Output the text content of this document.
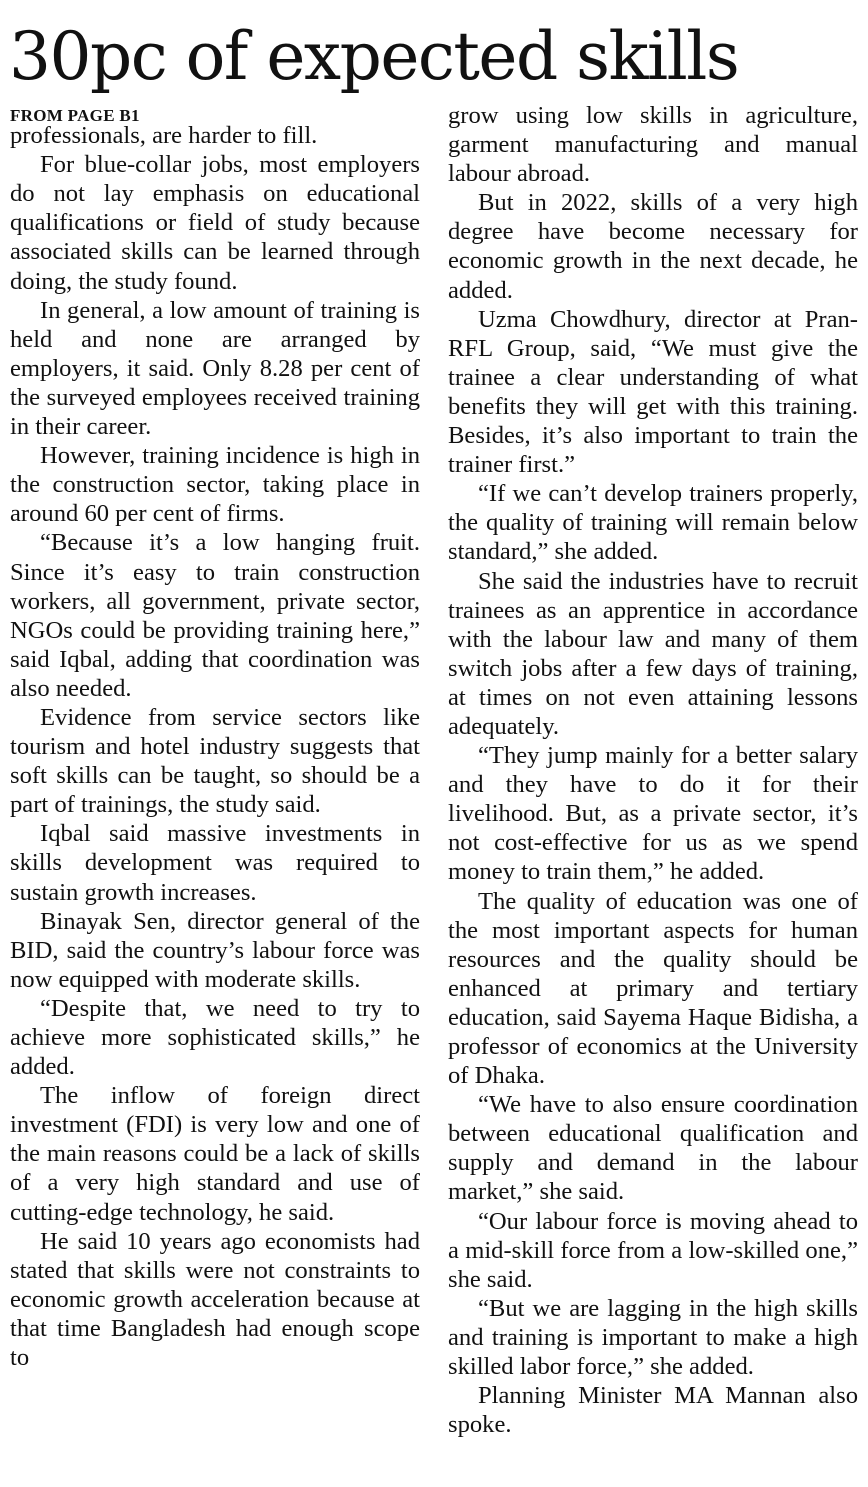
30pc of expected skills
FROM PAGE B1

professionals, are harder to fill.

For blue-collar jobs, most employers do not lay emphasis on educational qualifications or field of study because associated skills can be learned through doing, the study found.

In general, a low amount of training is held and none are arranged by employers, it said. Only 8.28 per cent of the surveyed employees received training in their career.

However, training incidence is high in the construction sector, taking place in around 60 per cent of firms.

“Because it’s a low hanging fruit. Since it’s easy to train construction workers, all government, private sector, NGOs could be providing training here,” said Iqbal, adding that coordination was also needed.

Evidence from service sectors like tourism and hotel industry suggests that soft skills can be taught, so should be a part of trainings, the study said.

Iqbal said massive investments in skills development was required to sustain growth increases.

Binayak Sen, director general of the BID, said the country’s labour force was now equipped with moderate skills.

“Despite that, we need to try to achieve more sophisticated skills,” he added.

The inflow of foreign direct investment (FDI) is very low and one of the main reasons could be a lack of skills of a very high standard and use of cutting-edge technology, he said.

He said 10 years ago economists had stated that skills were not constraints to economic growth acceleration because at that time Bangladesh had enough scope to

grow using low skills in agriculture, garment manufacturing and manual labour abroad.

But in 2022, skills of a very high degree have become necessary for economic growth in the next decade, he added.

Uzma Chowdhury, director at Pran-RFL Group, said, “We must give the trainee a clear understanding of what benefits they will get with this training. Besides, it’s also important to train the trainer first.”

“If we can’t develop trainers properly, the quality of training will remain below standard,” she added.

She said the industries have to recruit trainees as an apprentice in accordance with the labour law and many of them switch jobs after a few days of training, at times on not even attaining lessons adequately.

“They jump mainly for a better salary and they have to do it for their livelihood. But, as a private sector, it’s not cost-effective for us as we spend money to train them,” he added.

The quality of education was one of the most important aspects for human resources and the quality should be enhanced at primary and tertiary education, said Sayema Haque Bidisha, a professor of economics at the University of Dhaka.

“We have to also ensure coordination between educational qualification and supply and demand in the labour market,” she said.

“Our labour force is moving ahead to a mid-skill force from a low-skilled one,” she said.

“But we are lagging in the high skills and training is important to make a high skilled labor force,” she added.

Planning Minister MA Mannan also spoke.
